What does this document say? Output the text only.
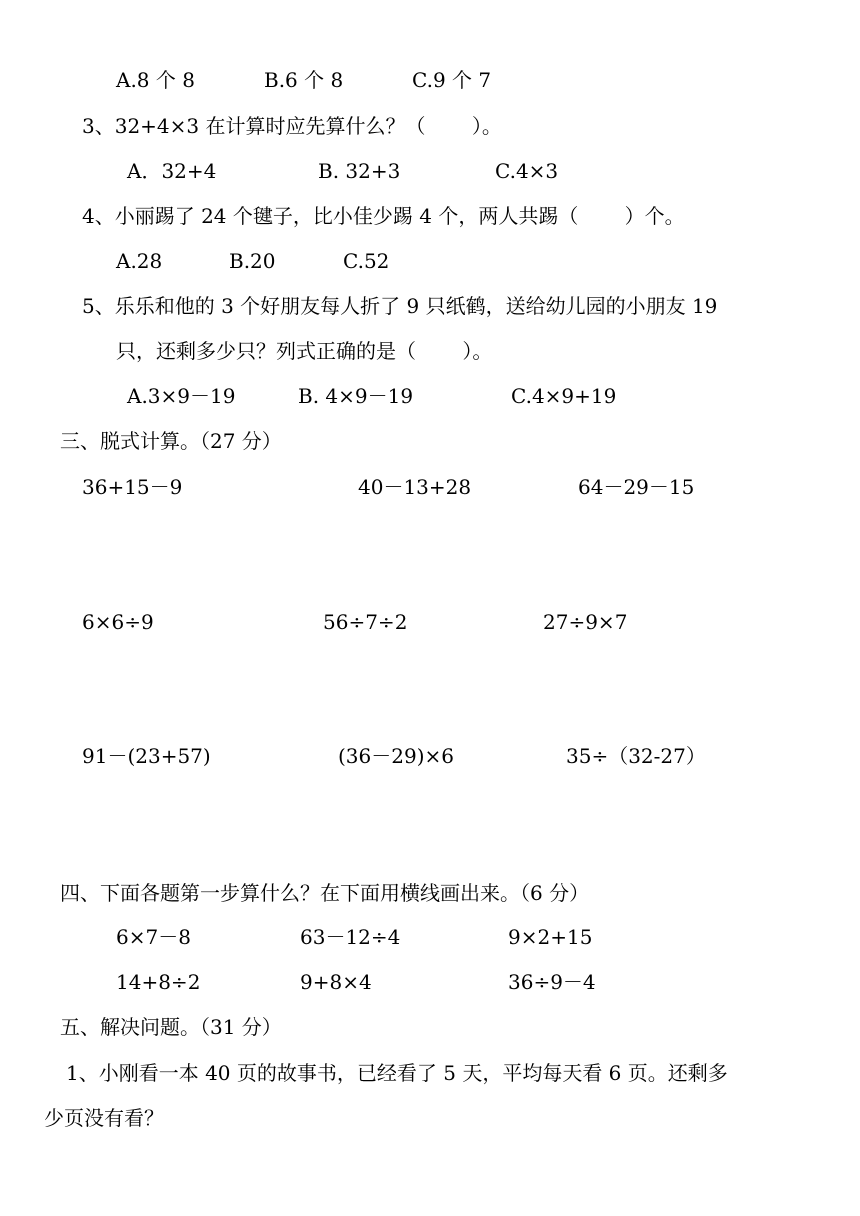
A.8 个 8	B.6 个 8	C.9 个 7
3、32+4×3 在计算时应先算什么？（　　 ）。
A．32+4	B. 32+3	C.4×3
4、小丽踢了 24 个毽子，比小佳少踢 4 个，两人共踢（　　 ）个。
A.28	B.20	C.52
5、乐乐和他的 3 个好朋友每人折了 9 只纸鹤，送给幼儿园的小朋友 19
只，还剩多少只？列式正确的是（　　 ）。
A.3×9－19	B. 4×9－19	C.4×9+19
三、脱式计算。（27 分）
36+15－9	40－13+28	64－29－15
6×6÷9	56÷7÷2	27÷9×7
91－(23+57)	(36－29)×6	35÷（32-27）
四、下面各题第一步算什么？在下面用横线画出来。（6 分）
6×7－8	63－12÷4	9×2+15
14+8÷2	9+8×4	36÷9－4
五、解决问题。（31 分）
1、小刚看一本 40 页的故事书，已经看了 5 天，平均每天看 6 页。还剩多
少页没有看？
